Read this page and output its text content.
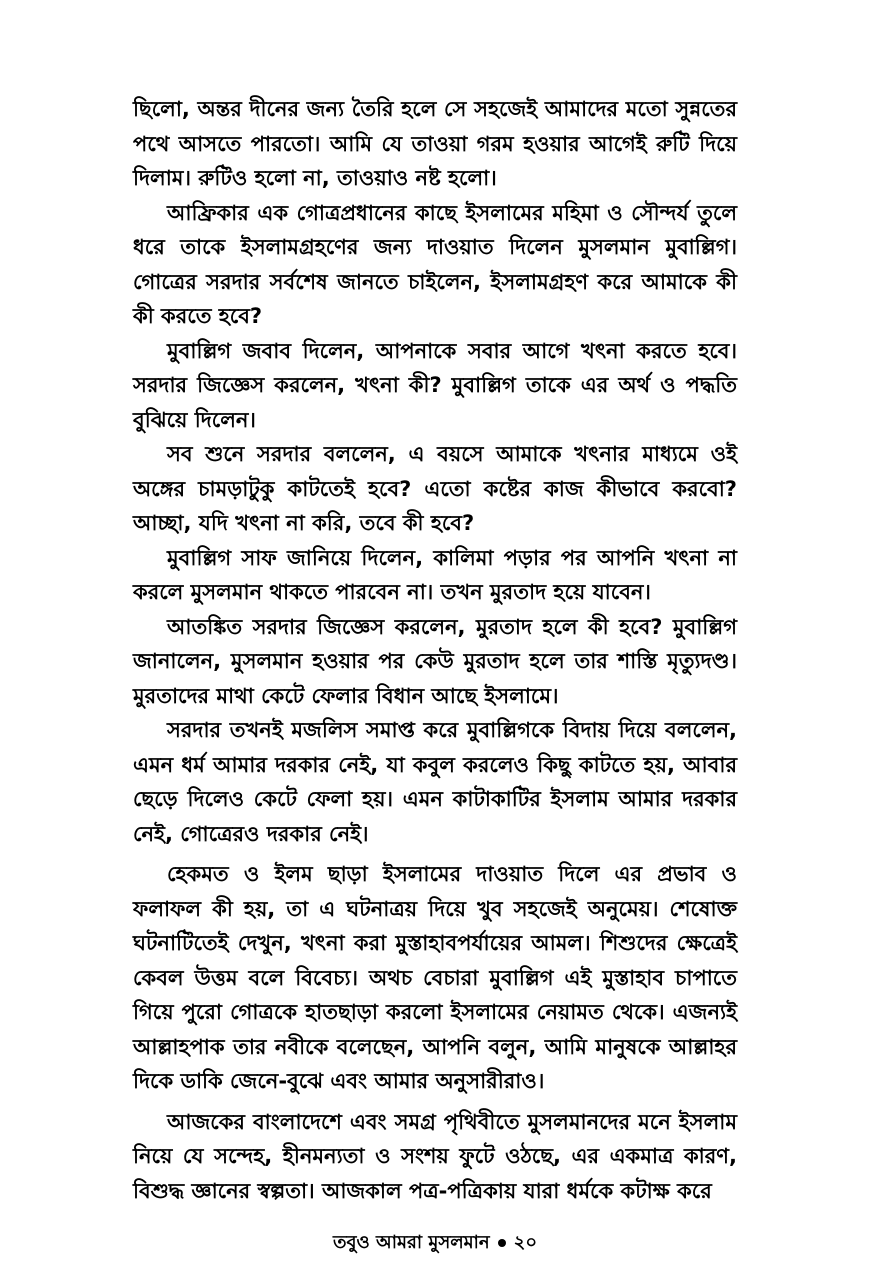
ছিলো, অন্তর দীনের জন্য তৈরি হলে সে সহজেই আমাদের মতো সুন্নতের পথে আসতে পারতো। আমি যে তাওয়া গরম হওয়ার আগেই রুটি দিয়ে দিলাম। রুটিও হলো না, তাওয়াও নষ্ট হলো।

আফ্রিকার এক গোত্রপ্রধানের কাছে ইসলামের মহিমা ও সৌন্দর্য তুলে ধরে তাকে ইসলামগ্রহণের জন্য দাওয়াত দিলেন মুসলমান মুবাল্লিগ। গোত্রের সরদার সর্বশেষ জানতে চাইলেন, ইসলামগ্রহণ করে আমাকে কী কী করতে হবে?

মুবাল্লিগ জবাব দিলেন, আপনাকে সবার আগে খৎনা করতে হবে। সরদার জিজ্ঞেস করলেন, খৎনা কী? মুবাল্লিগ তাকে এর অর্থ ও পদ্ধতি বুঝিয়ে দিলেন।

সব শুনে সরদার বললেন, এ বয়সে আমাকে খৎনার মাধ্যমে ওই অঙ্গের চামড়াটুকু কাটতেই হবে? এতো কষ্টের কাজ কীভাবে করবো? আচ্ছা, যদি খৎনা না করি, তবে কী হবে?

মুবাল্লিগ সাফ জানিয়ে দিলেন, কালিমা পড়ার পর আপনি খৎনা না করলে মুসলমান থাকতে পারবেন না। তখন মুরতাদ হয়ে যাবেন।

আতঙ্কিত সরদার জিজ্ঞেস করলেন, মুরতাদ হলে কী হবে? মুবাল্লিগ জানালেন, মুসলমান হওয়ার পর কেউ মুরতাদ হলে তার শাস্তি মৃত্যুদণ্ড। মুরতাদের মাথা কেটে ফেলার বিধান আছে ইসলামে।

সরদার তখনই মজলিস সমাপ্ত করে মুবাল্লিগকে বিদায় দিয়ে বললেন, এমন ধর্ম আমার দরকার নেই, যা কবুল করলেও কিছু কাটতে হয়, আবার ছেড়ে দিলেও কেটে ফেলা হয়। এমন কাটাকাটির ইসলাম আমার দরকার নেই, গোত্রেরও দরকার নেই।

হেকমত ও ইলম ছাড়া ইসলামের দাওয়াত দিলে এর প্রভাব ও ফলাফল কী হয়, তা এ ঘটনাত্রয় দিয়ে খুব সহজেই অনুমেয়। শেষোক্ত ঘটনাটিতেই দেখুন, খৎনা করা মুস্তাহাবপর্যায়ের আমল। শিশুদের ক্ষেত্রেই কেবল উত্তম বলে বিবেচ্য। অথচ বেচারা মুবাল্লিগ এই মুস্তাহাব চাপাতে গিয়ে পুরো গোত্রকে হাতছাড়া করলো ইসলামের নেয়ামত থেকে। এজন্যই আল্লাহপাক তার নবীকে বলেছেন, আপনি বলুন, আমি মানুষকে আল্লাহর দিকে ডাকি জেনে-বুঝে এবং আমার অনুসারীরাও।

আজকের বাংলাদেশে এবং সমগ্র পৃথিবীতে মুসলমানদের মনে ইসলাম নিয়ে যে সন্দেহ, হীনমন্যতা ও সংশয় ফুটে ওঠছে, এর একমাত্র কারণ, বিশুদ্ধ জ্ঞানের স্বল্পতা। আজকাল পত্র-পত্রিকায় যারা ধর্মকে কটাক্ষ করে

তবুও আমরা মুসলমান ২০
